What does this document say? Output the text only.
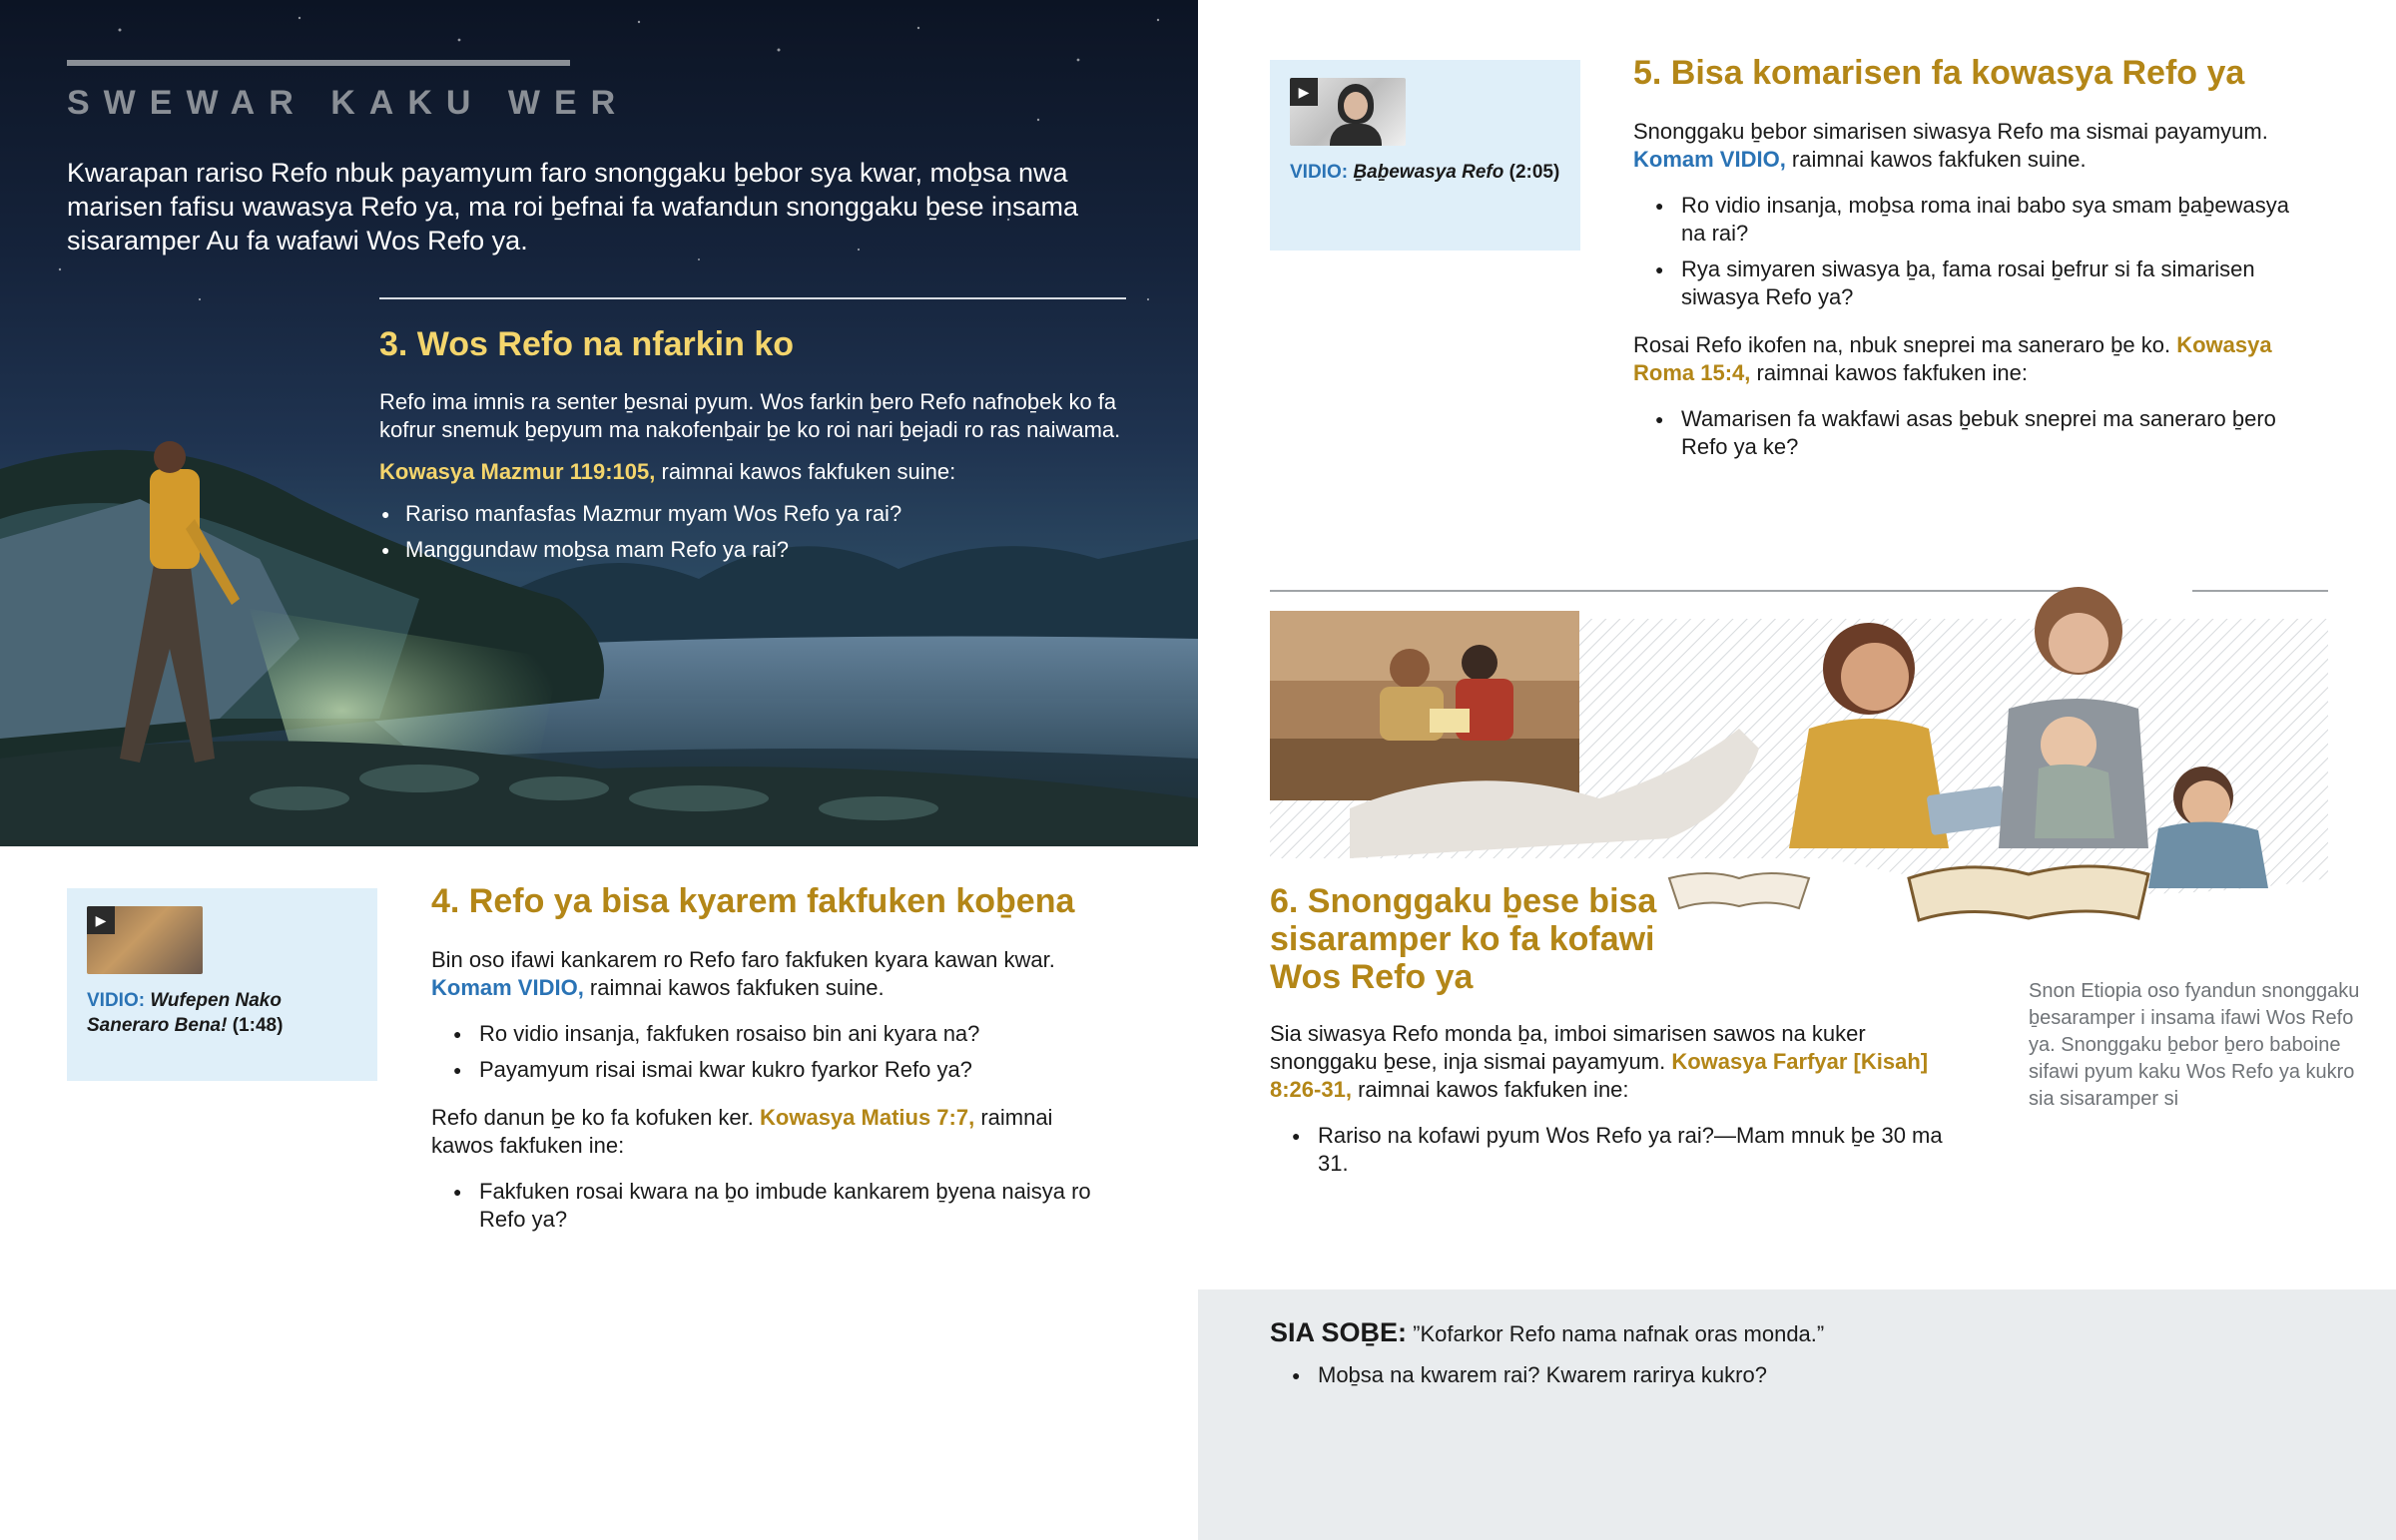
SWEWAR KAKU WER

Kwarapan rariso Refo nbuk payamyum faro snonggaku ḇebor sya kwar, moḇsa nwa marisen fafisu wawasya Refo ya, ma roi ḇefnai fa wafandun snonggaku ḇese insama sisaramper Au fa wafawi Wos Refo ya.

3. Wos Refo na nfarkin ko

Refo ima imnis ra senter ḇesnai pyum. Wos farkin ḇero Refo nafnoḇek ko fa kofrur snemuk ḇepyum ma nakofenḇair ḇe ko roi nari ḇejadi ro ras naiwama.

Kowasya Mazmur 119:105, raimnai kawos fakfuken suine:

● Rariso manfasfas Mazmur myam Wos Refo ya rai?
● Manggundaw moḇsa mam Refo ya rai?
▶
VIDIO: Wufepen Nako Saneraro Bena! (1:48)
4. Refo ya bisa kyarem fakfuken koḇena

Bin oso ifawi kankarem ro Refo faro fakfuken kyara kawan kwar.
Komam VIDIO, raimnai kawos fakfuken suine.

● Ro vidio insanja, fakfuken rosaiso bin ani kyara na?
● Payamyum risai ismai kwar kukro fyarkor Refo ya?

Refo danun ḇe ko fa kofuken ker. Kowasya Matius 7:7, raimnai kawos fakfuken ine:

● Fakfuken rosai kwara na ḇo imbude kankarem ḇyena naisya ro Refo ya?
▶
VIDIO: Ḇaḇewasya Refo (2:05)
5. Bisa komarisen fa kowasya Refo ya

Snonggaku ḇebor simarisen siwasya Refo ma sismai payamyum.
Komam VIDIO, raimnai kawos fakfuken suine.

● Ro vidio insanja, moḇsa roma inai babo sya smam ḇaḇewasya na rai?
● Rya simyaren siwasya ḇa, fama rosai ḇefrur si fa simarisen siwasya Refo ya?

Rosai Refo ikofen na, nbuk sneprei ma saneraro ḇe ko. Kowasya Roma 15:4, raimnai kawos fakfuken ine:

● Wamarisen fa wakfawi asas ḇebuk sneprei ma saneraro ḇero Refo ya ke?

Snon Etiopia oso fyandun snonggaku ḇesaramper i insama ifawi Wos Refo ya. Snonggaku ḇebor ḇero baboine sifawi pyum kaku Wos Refo ya kukro sia sisaramper si

6. Snonggaku ḇese bisa sisaramper ko fa kofawi Wos Refo ya

Sia siwasya Refo monda ḇa, imboi simarisen sawos na kuker snonggaku ḇese, inja sismai payamyum. Kowasya Farfyar [Kisah] 8:26-31, raimnai kawos fakfuken ine:

● Rariso na kofawi pyum Wos Refo ya rai?—Mam mnuk ḇe 30 ma 31.

SIA SOḆE: ”Kofarkor Refo nama nafnak oras monda.”

● Moḇsa na kwarem rai? Kwarem rarirya kukro?
